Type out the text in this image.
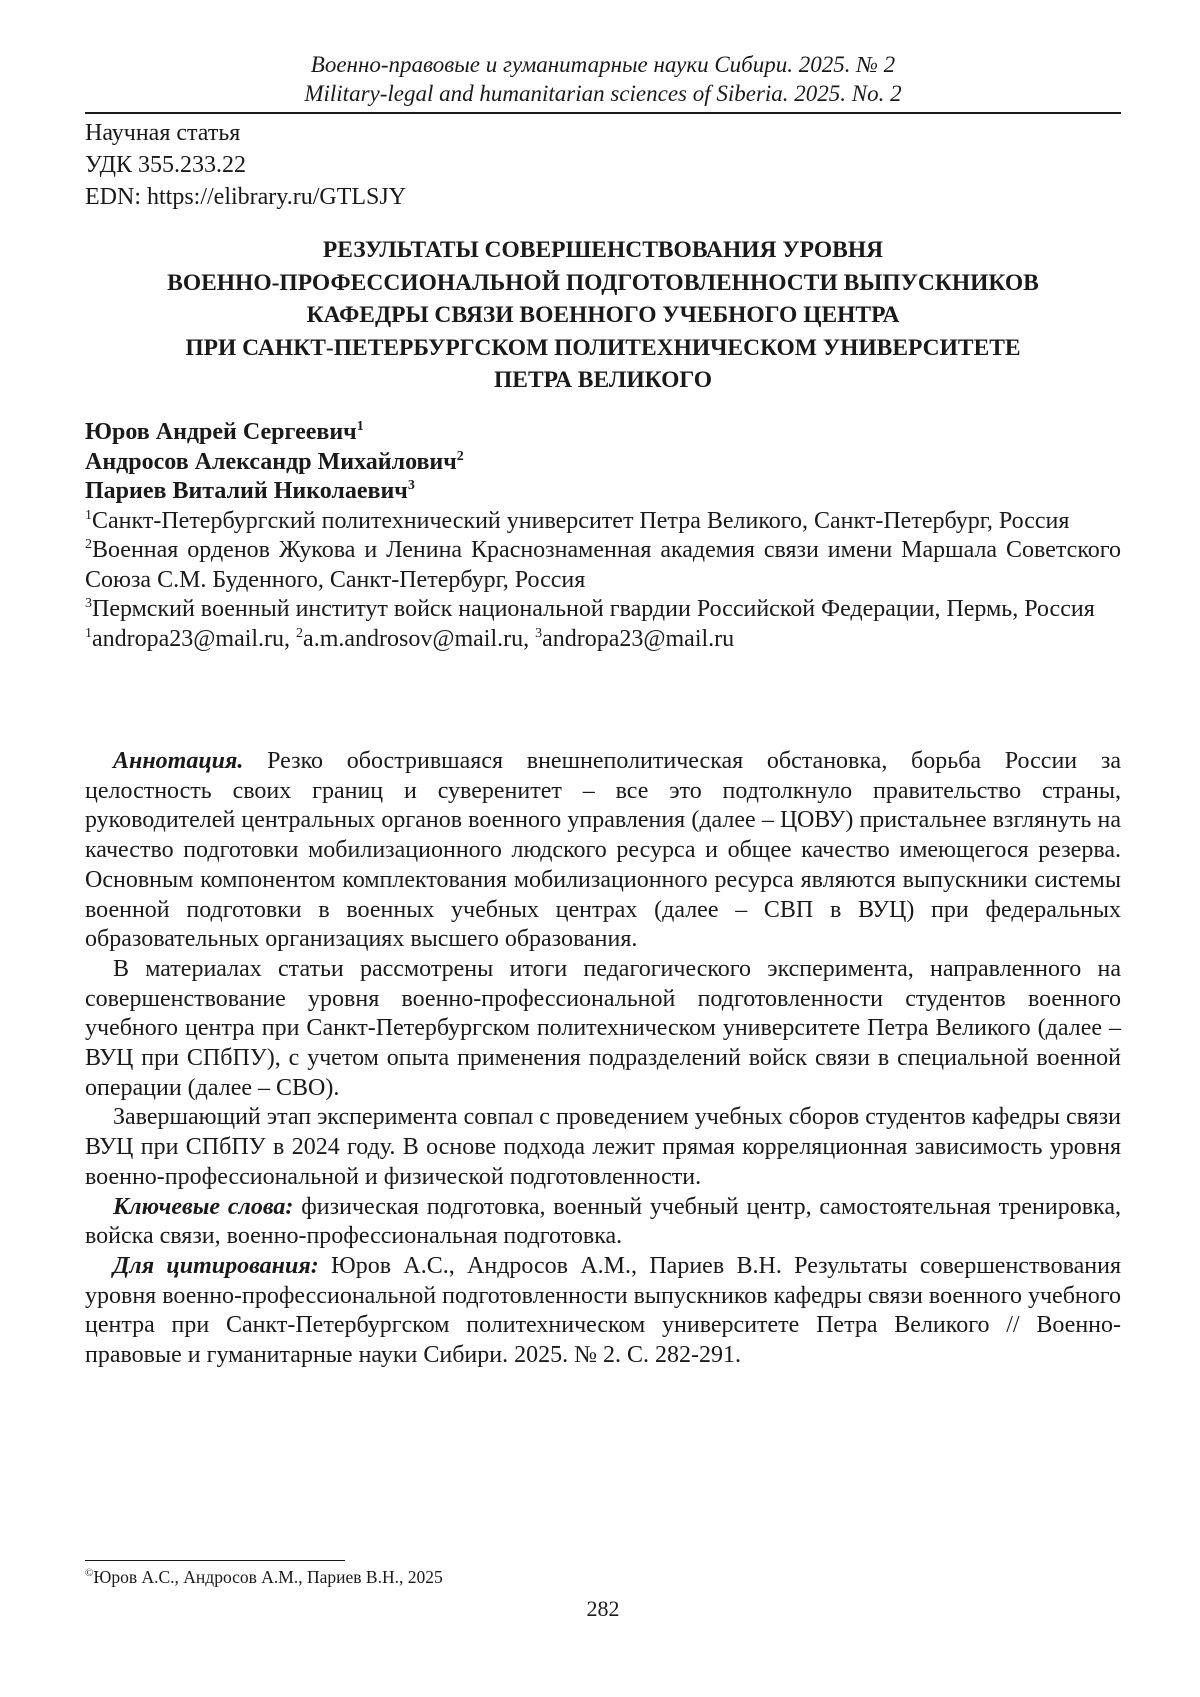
Военно-правовые и гуманитарные науки Сибири. 2025. № 2
Military-legal and humanitarian sciences of Siberia. 2025. No. 2
Научная статья
УДК 355.233.22
EDN: https://elibrary.ru/GTLSJY
РЕЗУЛЬТАТЫ СОВЕРШЕНСТВОВАНИЯ УРОВНЯ
ВОЕННО-ПРОФЕССИОНАЛЬНОЙ ПОДГОТОВЛЕННОСТИ ВЫПУСКНИКОВ
КАФЕДРЫ СВЯЗИ ВОЕННОГО УЧЕБНОГО ЦЕНТРА
ПРИ САНКТ-ПЕТЕРБУРГСКОМ ПОЛИТЕХНИЧЕСКОМ УНИВЕРСИТЕТЕ
ПЕТРА ВЕЛИКОГО
Юров Андрей Сергеевич$^1$
Андросов Александр Михайлович$^2$
Париев Виталий Николаевич$^3$
$^1$Санкт-Петербургский политехнический университет Петра Великого, Санкт-Петербург, Россия
$^2$Военная орденов Жукова и Ленина Краснознаменная академия связи имени Маршала Советского Союза С.М. Буденного, Санкт-Петербург, Россия
$^3$Пермский военный институт войск национальной гвардии Российской Федерации, Пермь, Россия
$^1$andropa23@mail.ru, $^2$a.m.androsov@mail.ru, $^3$andropa23@mail.ru

Аннотация. Резко обострившаяся внешнеполитическая обстановка, борьба России за целостность своих границ и суверенитет – все это подтолкнуло правительство страны, руководителей центральных органов военного управления (далее – ЦОВУ) пристальнее взглянуть на качество подготовки мобилизационного людского ресурса и общее качество имеющегося резерва. Основным компонентом комплектования мобилизационного ресурса являются выпускники системы военной подготовки в военных учебных центрах (далее – СВП в ВУЦ) при федеральных образовательных организациях высшего образования.

В материалах статьи рассмотрены итоги педагогического эксперимента, направленного на совершенствование уровня военно-профессиональной подготовленности студентов военного учебного центра при Санкт-Петербургском политехническом университете Петра Великого (далее – ВУЦ при СПбПУ), с учетом опыта применения подразделений войск связи в специальной военной операции (далее – СВО).

Завершающий этап эксперимента совпал с проведением учебных сборов студентов кафедры связи ВУЦ при СПбПУ в 2024 году. В основе подхода лежит прямая корреляционная зависимость уровня военно-профессиональной и физической подготовленности.

Ключевые слова: физическая подготовка, военный учебный центр, самостоятельная тренировка, войска связи, военно-профессиональная подготовка.

Для цитирования: Юров А.С., Андросов А.М., Париев В.Н. Результаты совершенствования уровня военно-профессиональной подготовленности выпускников кафедры связи военного учебного центра при Санкт-Петербургском политехническом университете Петра Великого // Военно-правовые и гуманитарные науки Сибири. 2025. № 2. С. 282-291.

©Юров А.С., Андросов А.М., Париев В.Н., 2025
282
